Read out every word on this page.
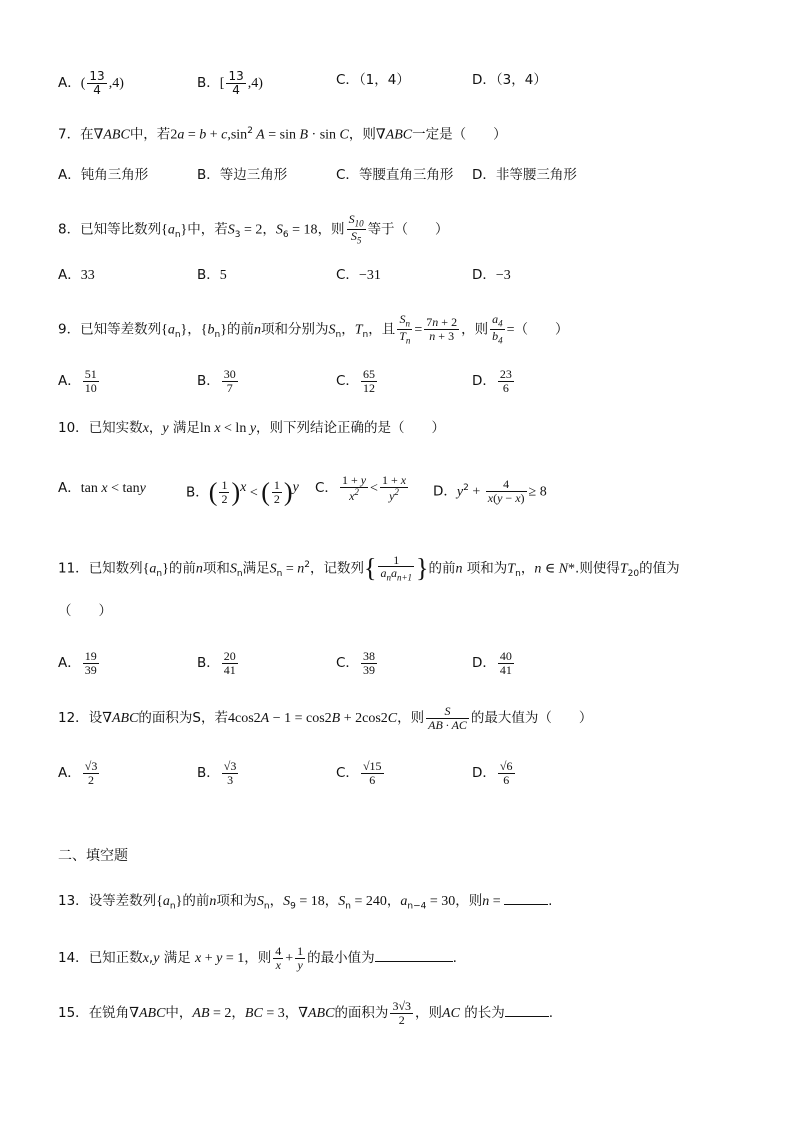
A．( $\frac{13}{4} ,4$)	B．[ $\frac{13}{4} ,4$)	C．（1，4）	D．（3，4）
7．在∇ABC中，若$2a = b + c,\sin^2$ A = sin B · sin C，则∇ABC一定是（　　）
A．钝角三角形	B．等边三角形	C．等腰直角三角形 D．非等腰三角形
8．已知等比数列$\{a_n\}$中，若$S_3 = 2$，$S_6 = 18$，则 $\frac{S_{10}}{S_5}$ 等于（　　）
A．33	B．5	C．−31	D．−3
9．已知等差数列$\{a_n\}$，$\{b_n\}$的前n项和分别为$S_n$，$T_n$，且 $\frac{S_n}{T_n} = \frac{7n + 2}{n + 3}$ ，则 $\frac{a_4}{b_4}$ =（　　）
A． $\frac{51}{10}$	B． $\frac{30}{7}$	C． $\frac{65}{12}$	D． $\frac{23}{6}$
10．已知实数x，y 满足ln x < ln y，则下列结论正确的是（　　）
A．tan x < tany	B．( $\frac{1}{2} )^x$ < ( $\frac{1}{2} )^y$ C． $\frac{1 + y}{x^2} < \frac{1 + x}{y^2}$ D．$y^2 + \frac{4}{x(y - x)} \ge 8$
11．已知数列$\{a_n\}$的前n项和$S_n$满足$S_n = n^2$，记数列{ $\frac{1}{a_na_{n+1}}$ }的前n 项和为$T_n$，n ∈ N*.则使得$T_{20}$的值为
（　　）
A． $\frac{19}{39}$	B． $\frac{20}{41}$	C． $\frac{38}{39}$	D． $\frac{40}{41}$
12．设∇ABC的面积为S，若4cos2A − 1 = cos2B + 2cos2C，则 $\frac{S}{AB \cdot AC}$ 的最大值为（　　）
A． $\frac{√3}{2}$	B． $\frac{√3}{3}$	C． $\frac{√15}{6}$	D． $\frac{√6}{6}$
二、填空题
13．设等差数列$\{a_n\}$的前n项和为$S_n$，$S_9 = 18$，$S_n = 240$，$a_{n-4} = 30$，则n =	.
14．已知正数x,y 满足 x + y = 1，则 $\frac{4}{x} + \frac{1}{y}$ 的最小值为	.
15．在锐角∇ABC中，AB = 2，BC = 3，∇ABC的面积为 $\frac{3√3}{2}$ ，则AC 的长为	.
